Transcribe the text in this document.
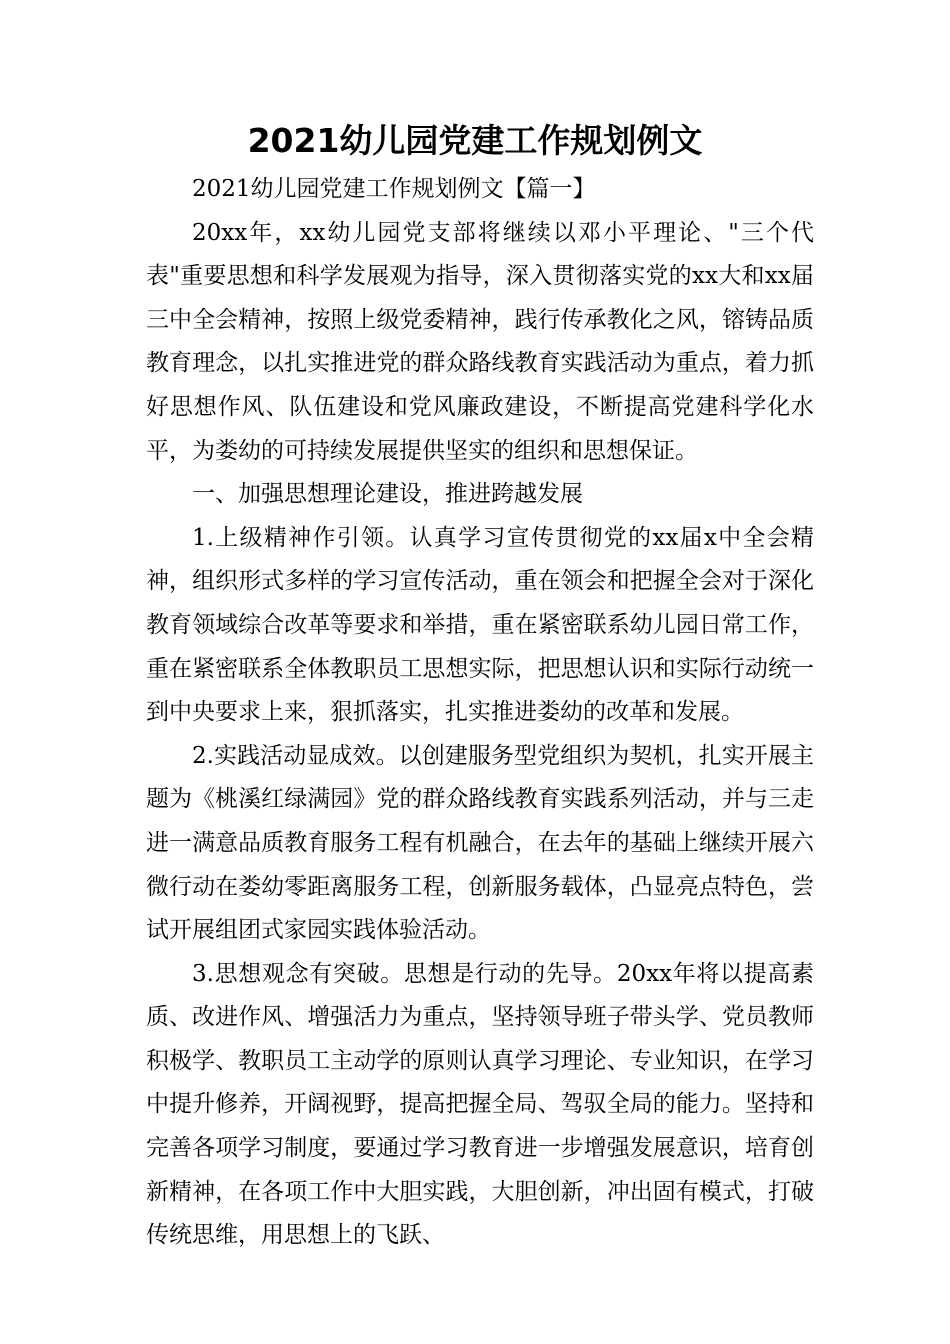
2021幼儿园党建工作规划例文

2021幼儿园党建工作规划例文【篇一】

20xx年，xx幼儿园党支部将继续以邓小平理论、"三个代表"重要思想和科学发展观为指导，深入贯彻落实党的xx大和xx届三中全会精神，按照上级党委精神，践行传承教化之风，镕铸品质教育理念，以扎实推进党的群众路线教育实践活动为重点，着力抓好思想作风、队伍建设和党风廉政建设，不断提高党建科学化水平，为娄幼的可持续发展提供坚实的组织和思想保证。

一、加强思想理论建设，推进跨越发展

1.上级精神作引领。认真学习宣传贯彻党的xx届x中全会精神，组织形式多样的学习宣传活动，重在领会和把握全会对于深化教育领域综合改革等要求和举措，重在紧密联系幼儿园日常工作，重在紧密联系全体教职员工思想实际，把思想认识和实际行动统一到中央要求上来，狠抓落实，扎实推进娄幼的改革和发展。

2.实践活动显成效。以创建服务型党组织为契机，扎实开展主题为《桃溪红绿满园》党的群众路线教育实践系列活动，并与三走进一满意品质教育服务工程有机融合，在去年的基础上继续开展六微行动在娄幼零距离服务工程，创新服务载体，凸显亮点特色，尝试开展组团式家园实践体验活动。

3.思想观念有突破。思想是行动的先导。20xx年将以提高素质、改进作风、增强活力为重点，坚持领导班子带头学、党员教师积极学、教职员工主动学的原则认真学习理论、专业知识，在学习中提升修养，开阔视野，提高把握全局、驾驭全局的能力。坚持和完善各项学习制度，要通过学习教育进一步增强发展意识，培育创新精神，在各项工作中大胆实践，大胆创新，冲出固有模式，打破传统思维，用思想上的飞跃、
